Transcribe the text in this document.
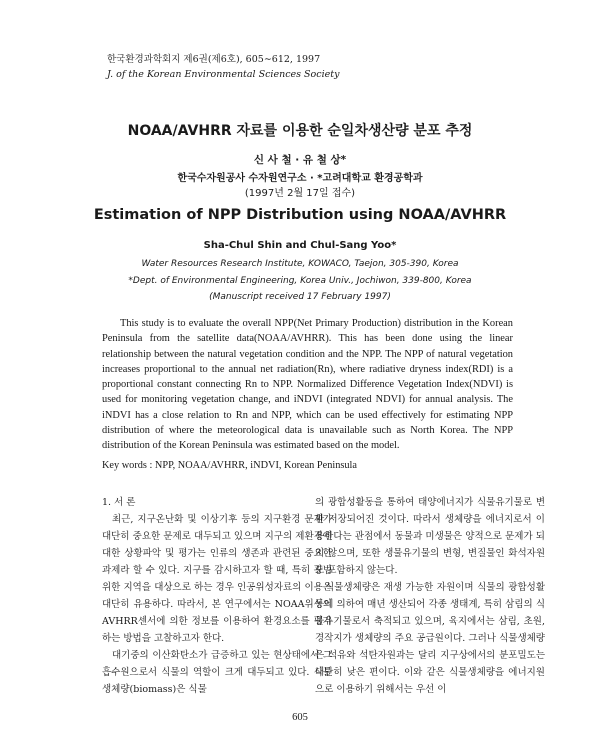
한국환경과학회지 제6권(제6호), 605∼612, 1997
J. of the Korean Environmental Sciences Society
NOAA/AVHRR 자료를 이용한 순일차생산량 분포 추정
신 사 철 · 유 철 상*
한국수자원공사 수자원연구소 · *고려대학교 환경공학과
(1997년 2월 17일 접수)
Estimation of NPP Distribution using NOAA/AVHRR
Sha-Chul Shin and Chul-Sang Yoo*
Water Resources Research Institute, KOWACO, Taejon, 305-390, Korea
*Dept. of Environmental Engineering, Korea Univ., Jochiwon, 339-800, Korea
(Manuscript received 17 February 1997)

This study is to evaluate the overall NPP(Net Primary Production) distribution in the Korean Peninsula from the satellite data(NOAA/AVHRR). This has been done using the linear relationship between the natural vegetation condition and the NPP. The NPP of natural vegetation increases proportional to the annual net radiation(Rn), where radiative dryness index(RDI) is a proportional constant connecting Rn to NPP. Normalized Difference Vegetation Index(NDVI) is used for monitoring vegetation change, and iNDVI (integrated NDVI) for annual analysis. The iNDVI has a close relation to Rn and NPP, which can be used effectively for estimating NPP distribution of where the meteorological data is unavailable such as North Korea. The NPP distribution of the Korean Peninsula was estimated based on the model.

Key words : NPP, NOAA/AVHRR, iNDVI, Korean Peninsula

1. 서 론

최근, 지구온난화 및 이상기후 등의 지구환경 문제가 대단히 중요한 문제로 대두되고 있으며 지구의 제환경에 대한 상황파악 및 평가는 인류의 생존과 관련된 중요한 과제라 할 수 있다. 지구를 감시하고자 할 때, 특히 광범위한 지역을 대상으로 하는 경우 인공위성자료의 이용은 대단히 유용하다. 따라서, 본 연구에서는 NOAA위성의 AVHRR센서에 의한 정보를 이용하여 환경요소를 평가하는 방법을 고찰하고자 한다.

대기중의 이산화탄소가 급증하고 있는 현상태에서 그 흡수원으로서 식물의 역할이 크게 대두되고 있다. 식물 생체량(biomass)은 식물

의 광합성활동을 통하여 태양에너지가 식물유기물로 변환 저장되어진 것이다. 따라서 생체량을 에너지로서 이용한다는 관점에서 동물과 미생물은 양적으로 문제가 되지 않으며, 또한 생물유기물의 변형, 변질물인 화석자원도 포함하지 않는다.

식물생체량은 재생 가능한 자원이며 식물의 광합성활동에 의하여 매년 생산되어 각종 생태계, 특히 삼림의 식물유기물로서 축적되고 있으며, 육지에서는 삼림, 초원, 경작지가 생체량의 주요 공급원이다. 그러나 식물생체량은 석유와 석탄자원과는 달리 지구상에서의 분포밀도는 대단히 낮은 편이다. 이와 같은 식물생체량을 에너지원으로 이용하기 위해서는 우선 이

605
